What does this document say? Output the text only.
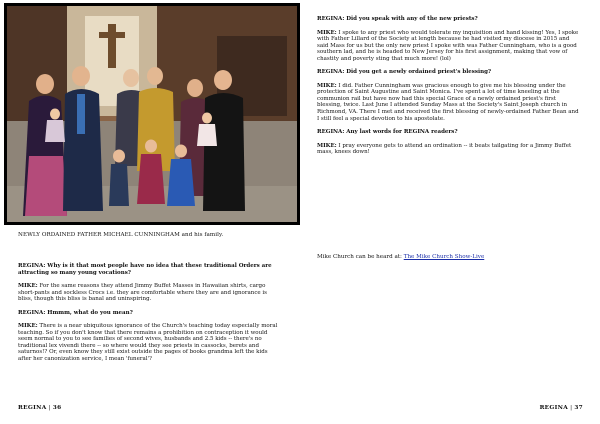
NEWLY ORDAINED FATHER MICHAEL CUNNINGHAM and his family.

REGINA: Why is it that most people have no idea that these traditional Orders are attracting so many young vocations?

MIKE: For the same reasons they attend Jimmy Buffet Masses in Hawaiian shirts, cargo short-pants and sockless Crocs i.e. they are comfortable where they are and ignorance is bliss, though this bliss is banal and uninspiring.

REGINA: Hmmm, what do you mean?

MIKE: There is a near ubiquitous ignorance of the Church's teaching today especially moral teaching. So if you don't know that there remains a prohibition on contraception it would seem normal to you to see families of second wives, husbands and 2.5 kids -- there's no traditional lex vivendi there -- so where would they see priests in cassocks, berets and saturnos!? Or, even know they still exist outside the pages of books grandma left the kids after her canonization service, I mean 'funeral'?

REGINA | 36

REGINA: Did you speak with any of the new priests?

MIKE: I spoke to any priest who would tolerate my inquisition and hand kissing! Yes, I spoke with Father Lillard of the Society at length because he had visited my diocese in 2015 and said Mass for us but the only new priest I spoke with was Father Cunningham, who is a good southern lad, and he is headed to New Jersey for his first assignment, making that vow of chastity and poverty sting that much more! (lol)

REGINA: Did you get a newly ordained priest's blessing?

MIKE: I did. Father Cunningham was gracious enough to give me his blessing under the protection of Saint Augustine and Saint Monica. I've spent a lot of time kneeling at the communion rail but have now had this special Grace of a newly ordained priest's first blessing, twice. Last June I attended Sunday Mass at the Society's Saint Joseph church in Richmond, VA. There I met and received the first blessing of newly-ordained Father Bean and I still feel a special devotion to his apostolate.

REGINA: Any last words for REGINA readers?

MIKE: I pray everyone gets to attend an ordination -- it beats tailgating for a Jimmy Buffet mass, knees down!

Mike Church can be heard at: The Mike Church Show-Live
REGINA | 37
